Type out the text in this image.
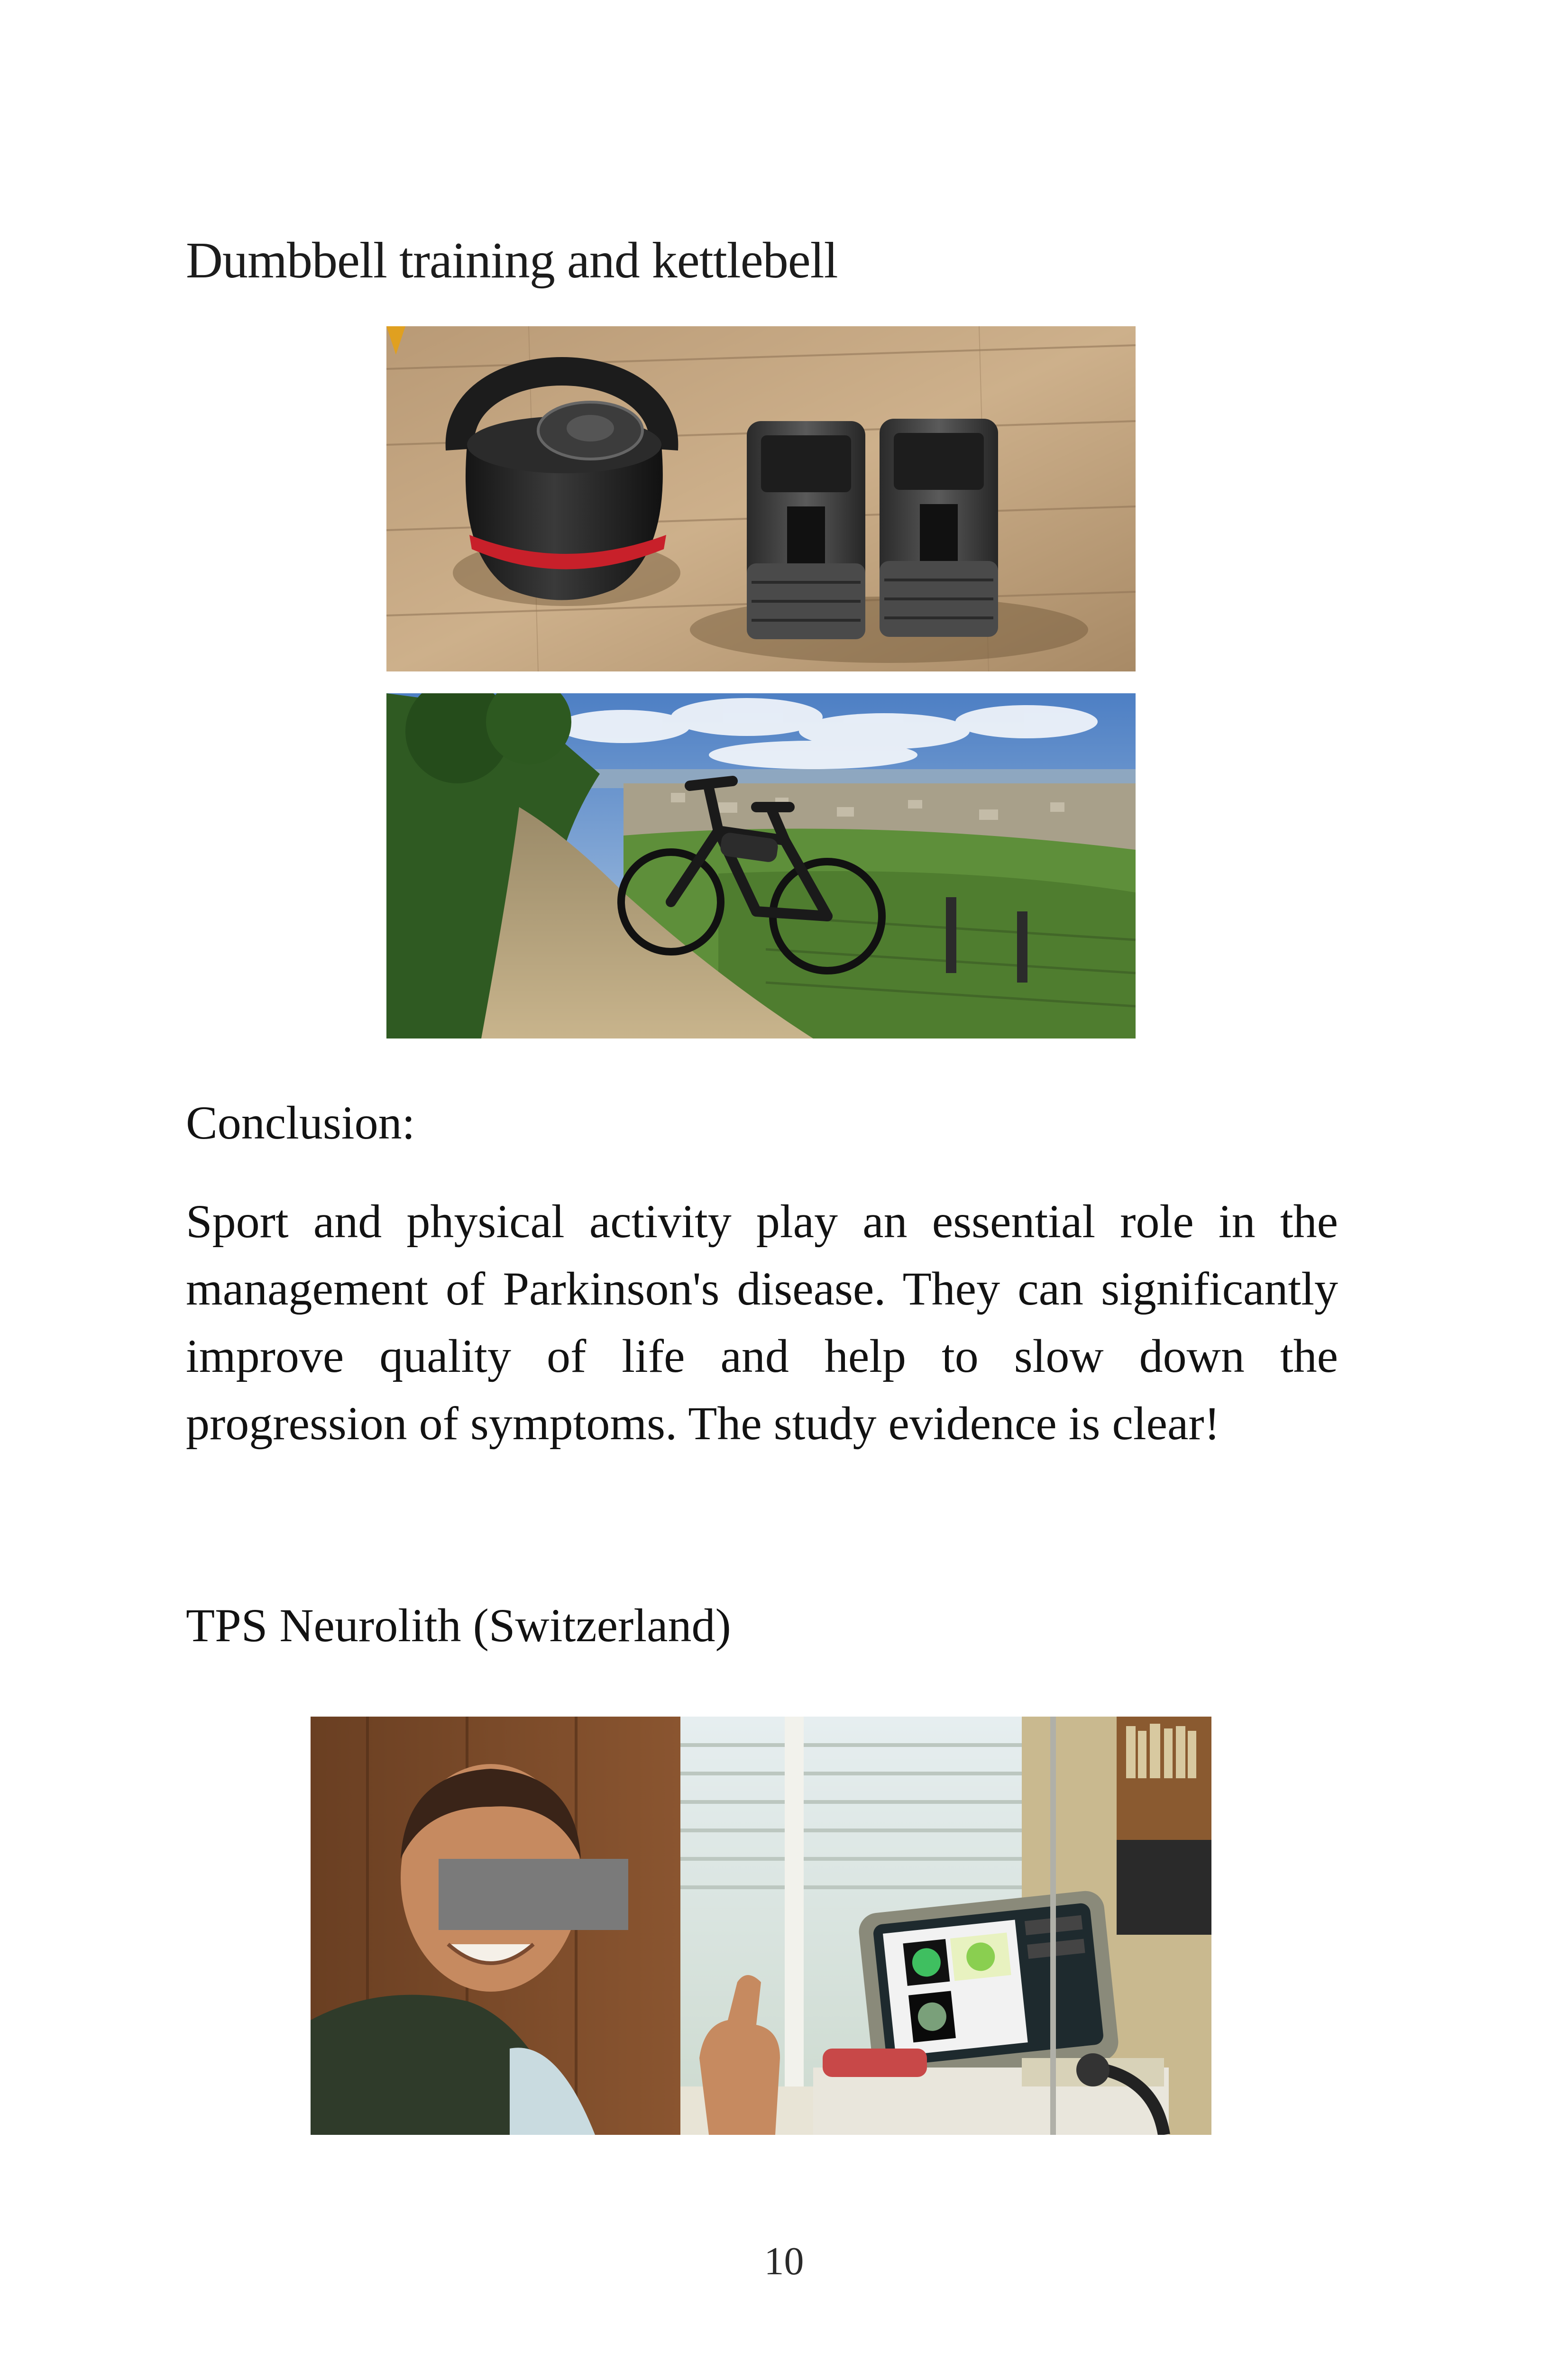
Dumbbell training and kettlebell
Conclusion:
Sport and physical activity play an essential role in the management of Parkinson's disease. They can significantly improve quality of life and help to slow down the progression of symptoms. The study evidence is clear!
TPS Neurolith (Switzerland)
10
